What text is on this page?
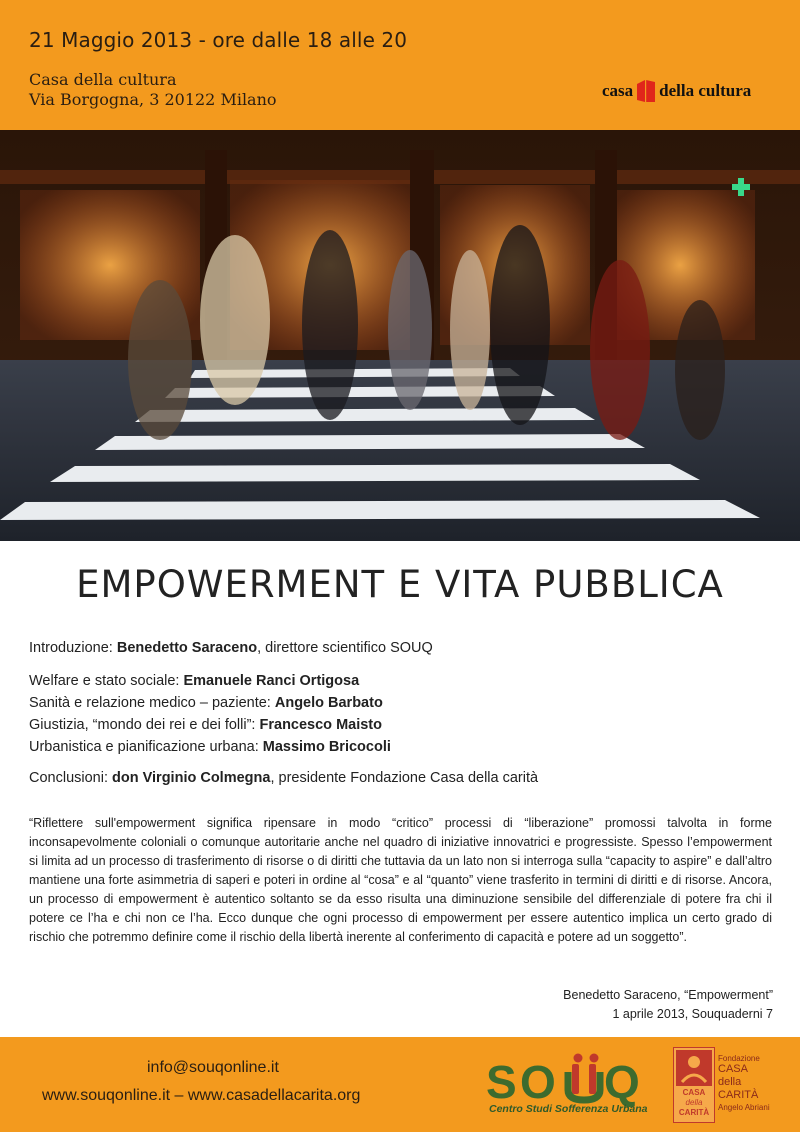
21 Maggio 2013 - ore dalle 18 alle 20
Casa della cultura
Via Borgogna, 3 20122 Milano	casa della cultura
EMPOWERMENT E VITA PUBBLICA
Introduzione: Benedetto Saraceno, direttore scientifico SOUQ
Welfare e stato sociale: Emanuele Ranci Ortigosa
Sanità e relazione medico – paziente: Angelo Barbato
Giustizia, “mondo dei rei e dei folli”: Francesco Maisto
Urbanistica e pianificazione urbana: Massimo Bricocoli
Conclusioni: don Virginio Colmegna, presidente Fondazione Casa della carità
“Riflettere sull'empowerment significa ripensare in modo “critico” processi di “liberazione” promossi talvolta in forme inconsapevolmente coloniali o comunque autoritarie anche nel quadro di iniziative innovatrici e progressiste. Spesso l’empowerment si limita ad un processo di trasferimento di risorse o di diritti che tuttavia da un lato non si interroga sulla “capacity to aspire” e dall’altro mantiene una forte asimmetria di saperi e poteri in ordine al “cosa” e al “quanto” viene trasferito in termini di diritti e di risorse. Ancora, un processo di empowerment è autentico soltanto se da esso risulta una diminuzione sensibile del differenziale di potere fra chi il potere ce l’ha e chi non ce l’ha. Ecco dunque che ogni processo di empowerment per essere autentico implica un certo grado di rischio che potremmo definire come il rischio della libertà inerente al conferimento di capacità e potere ad un soggetto”.
Benedetto Saraceno, “Empowerment”
1 aprile 2013, Souquaderni 7
info@souqonline.it
www.souqonline.it – www.casadellacarita.org	S O Q
Centro Studi Sofferenza Urbana
CASA
della
CARITÀ
Fondazione
CASA
della
CARITÀ
Angelo Abriani
